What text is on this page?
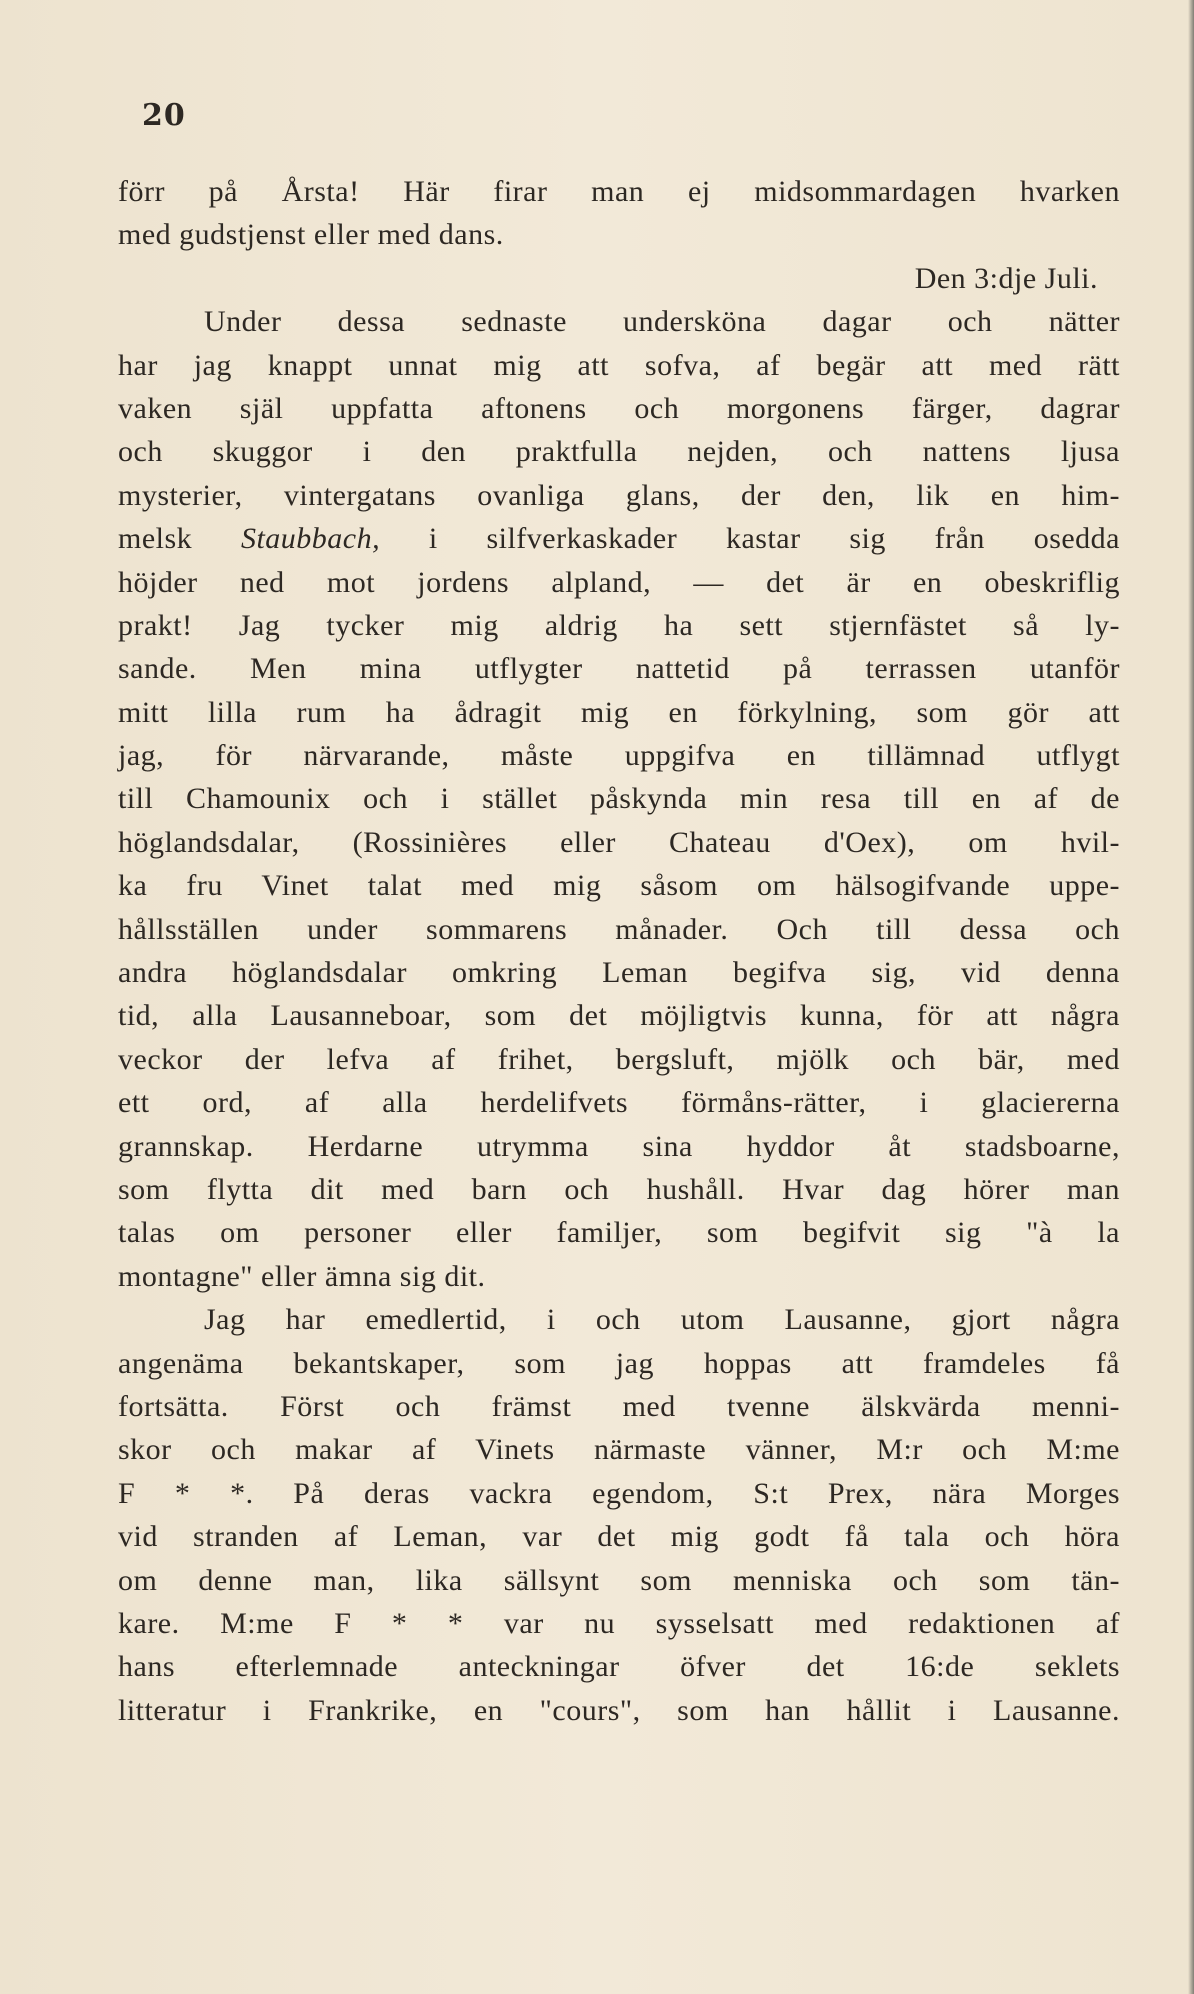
20
förr på Årsta! Här firar man ej midsommardagen hvarken
med gudstjenst eller med dans.
Den 3:dje Juli.
Under dessa sednaste undersköna dagar och nätter
har jag knappt unnat mig att sofva, af begär att med rätt
vaken själ uppfatta aftonens och morgonens färger, dagrar
och skuggor i den praktfulla nejden, och nattens ljusa
mysterier, vintergatans ovanliga glans, der den, lik en him-
melsk Staubbach, i silfverkaskader kastar sig från osedda
höjder ned mot jordens alpland, — det är en obeskriflig
prakt! Jag tycker mig aldrig ha sett stjernfästet så ly-
sande. Men mina utflygter nattetid på terrassen utanför
mitt lilla rum ha ådragit mig en förkylning, som gör att
jag, för närvarande, måste uppgifva en tillämnad utflygt
till Chamounix och i stället påskynda min resa till en af de
höglandsdalar, (Rossinières eller Chateau d'Oex), om hvil-
ka fru Vinet talat med mig såsom om hälsogifvande uppe-
hållsställen under sommarens månader. Och till dessa och
andra höglandsdalar omkring Leman begifva sig, vid denna
tid, alla Lausanneboar, som det möjligtvis kunna, för att några
veckor der lefva af frihet, bergsluft, mjölk och bär, med
ett ord, af alla herdelifvets förmåns-rätter, i glaciererna
grannskap. Herdarne utrymma sina hyddor åt stadsboarne,
som flytta dit med barn och hushåll. Hvar dag hörer man
talas om personer eller familjer, som begifvit sig "à la
montagne" eller ämna sig dit.
Jag har emedlertid, i och utom Lausanne, gjort några
angenäma bekantskaper, som jag hoppas att framdeles få
fortsätta. Först och främst med tvenne älskvärda menni-
skor och makar af Vinets närmaste vänner, M:r och M:me
F * *. På deras vackra egendom, S:t Prex, nära Morges
vid stranden af Leman, var det mig godt få tala och höra
om denne man, lika sällsynt som menniska och som tän-
kare. M:me F * * var nu sysselsatt med redaktionen af
hans efterlemnade anteckningar öfver det 16:de seklets
litteratur i Frankrike, en "cours", som han hållit i Lausanne.
